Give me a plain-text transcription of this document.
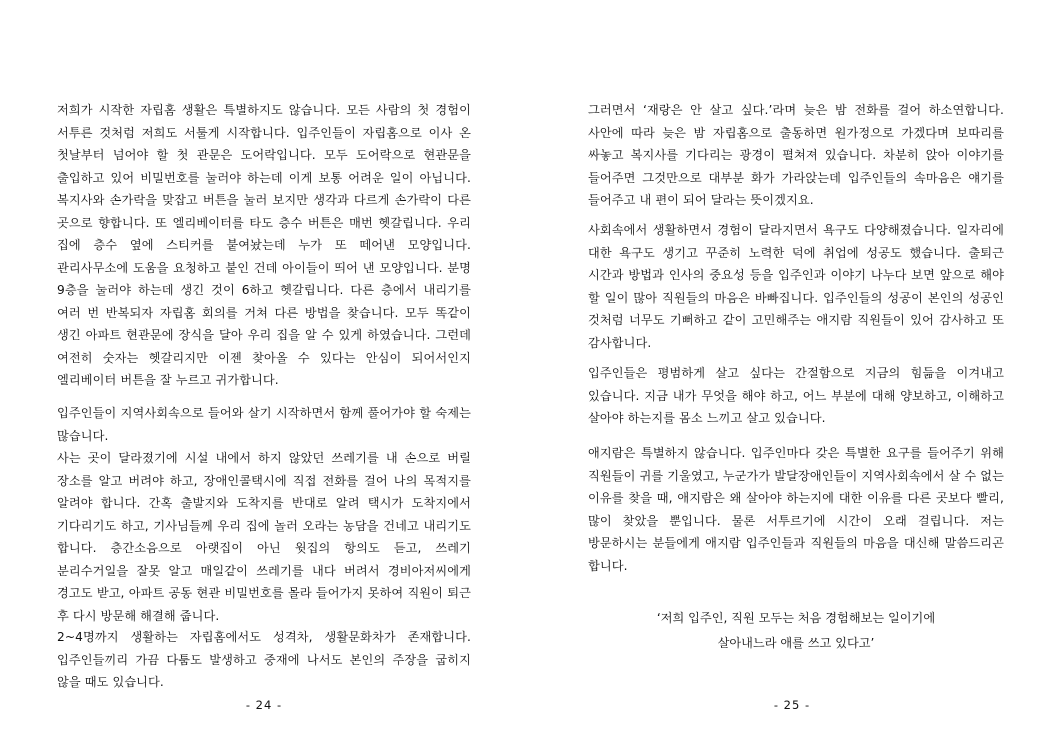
저희가 시작한 자립홈 생활은 특별하지도 않습니다. 모든 사람의 첫 경험이 서투른 것처럼 저희도 서툴게 시작합니다. 입주인들이 자립홈으로 이사 온 첫날부터 넘어야 할 첫 관문은 도어락입니다. 모두 도어락으로 현관문을 출입하고 있어 비밀번호를 눌러야 하는데 이게 보통 어려운 일이 아닙니다. 복지사와 손가락을 맞잡고 버튼을 눌러 보지만 생각과 다르게 손가락이 다른 곳으로 향합니다. 또 엘리베이터를 타도 층수 버튼은 매번 헷갈립니다. 우리 집에 층수 옆에 스티커를 붙여놨는데 누가 또 떼어낸 모양입니다. 관리사무소에 도움을 요청하고 붙인 건데 아이들이 띄어 낸 모양입니다. 분명 9층을 눌러야 하는데 생긴 것이 6하고 헷갈립니다. 다른 층에서 내리기를 여러 번 반복되자 자립홈 회의를 거쳐 다른 방법을 찾습니다. 모두 똑같이 생긴 아파트 현관문에 장식을 달아 우리 집을 알 수 있게 하였습니다. 그런데 여전히 숫자는 헷갈리지만 이젠 찾아올 수 있다는 안심이 되어서인지 엘리베이터 버튼을 잘 누르고 귀가합니다.

입주인들이 지역사회속으로 들어와 살기 시작하면서 함께 풀어가야 할 숙제는 많습니다.

사는 곳이 달라졌기에 시설 내에서 하지 않았던 쓰레기를 내 손으로 버릴 장소를 알고 버려야 하고, 장애인콜택시에 직접 전화를 걸어 나의 목적지를 알려야 합니다. 간혹 출발지와 도착지를 반대로 알려 택시가 도착지에서 기다리기도 하고, 기사님들께 우리 집에 놀러 오라는 농담을 건네고 내리기도 합니다. 층간소음으로 아랫집이 아닌 윗집의 항의도 듣고, 쓰레기 분리수거일을 잘못 알고 매일같이 쓰레기를 내다 버려서 경비아저씨에게 경고도 받고, 아파트 공동 현관 비밀번호를 몰라 들어가지 못하여 직원이 퇴근 후 다시 방문해 해결해 줍니다.

2~4명까지 생활하는 자립홈에서도 성격차, 생활문화차가 존재합니다. 입주인들끼리 가끔 다툼도 발생하고 중재에 나서도 본인의 주장을 굽히지 않을 때도 있습니다.

- 24 -

그러면서 ‘재랑은 안 살고 싶다.’라며 늦은 밤 전화를 걸어 하소연합니다. 사안에 따라 늦은 밤 자립홈으로 출동하면 원가정으로 가겠다며 보따리를 싸놓고 복지사를 기다리는 광경이 펼쳐져 있습니다. 차분히 앉아 이야기를 들어주면 그것만으로 대부분 화가 가라앉는데 입주인들의 속마음은 얘기를 들어주고 내 편이 되어 달라는 뜻이겠지요.

사회속에서 생활하면서 경험이 달라지면서 욕구도 다양해졌습니다. 일자리에 대한 욕구도 생기고 꾸준히 노력한 덕에 취업에 성공도 했습니다. 출퇴근 시간과 방법과 인사의 중요성 등을 입주인과 이야기 나누다 보면 앞으로 해야 할 일이 많아 직원들의 마음은 바빠집니다. 입주인들의 성공이 본인의 성공인 것처럼 너무도 기뻐하고 같이 고민해주는 애지람 직원들이 있어 감사하고 또 감사합니다.

입주인들은 평범하게 살고 싶다는 간절함으로 지금의 힘듦을 이겨내고 있습니다. 지금 내가 무엇을 해야 하고, 어느 부분에 대해 양보하고, 이해하고 살아야 하는지를 몸소 느끼고 살고 있습니다.

애지람은 특별하지 않습니다. 입주인마다 갖은 특별한 요구를 들어주기 위해 직원들이 귀를 기울였고, 누군가가 발달장애인들이 지역사회속에서 살 수 없는 이유를 찾을 때, 애지람은 왜 살아야 하는지에 대한 이유를 다른 곳보다 빨리, 많이 찾았을 뿐입니다. 물론 서투르기에 시간이 오래 걸립니다. 저는 방문하시는 분들에게 애지람 입주인들과 직원들의 마음을 대신해 말씀드리곤 합니다.

‘저희 입주인, 직원 모두는 처음 경험해보는 일이기에

살아내느라 애를 쓰고 있다고’

- 25 -
